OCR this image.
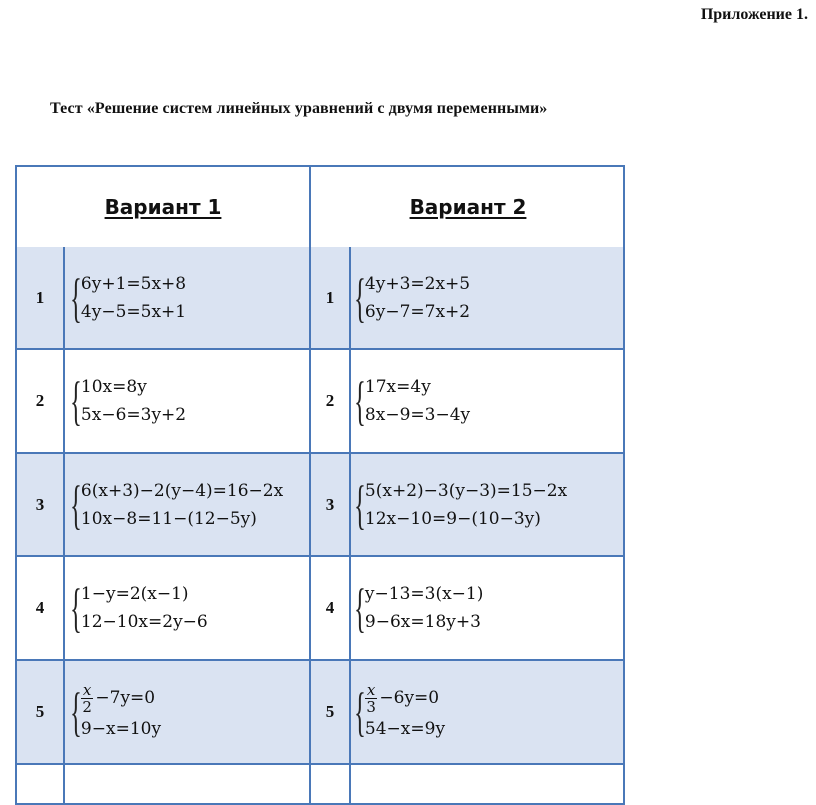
Приложение 1.
Тест «Решение систем линейных уравнений с двумя переменными»
Вариант 1	Вариант 2
1 { 6y+1=5x+8
4y−5=5x+1
1 { 4y+3=2x+5
6y−7=7x+2
2 { 10x=8y
5x−6=3y+2
2 { 17x=4y
8x−9=3−4y
3 { 6(x+3)−2(y−4)=16−2x
10x−8=11−(12−5y)
3 { 5(x+2)−3(y−3)=15−2x
12x−10=9−(10−3y)
4 { 1−y=2(x−1)
12−10x=2y−6
4 { y−13=3(x−1)
9−6x=18y+3
5 { $\frac{x}{2} -7y=0$
9−x=10y
5 { $\frac{x}{3} -6y=0$
54−x=9y
